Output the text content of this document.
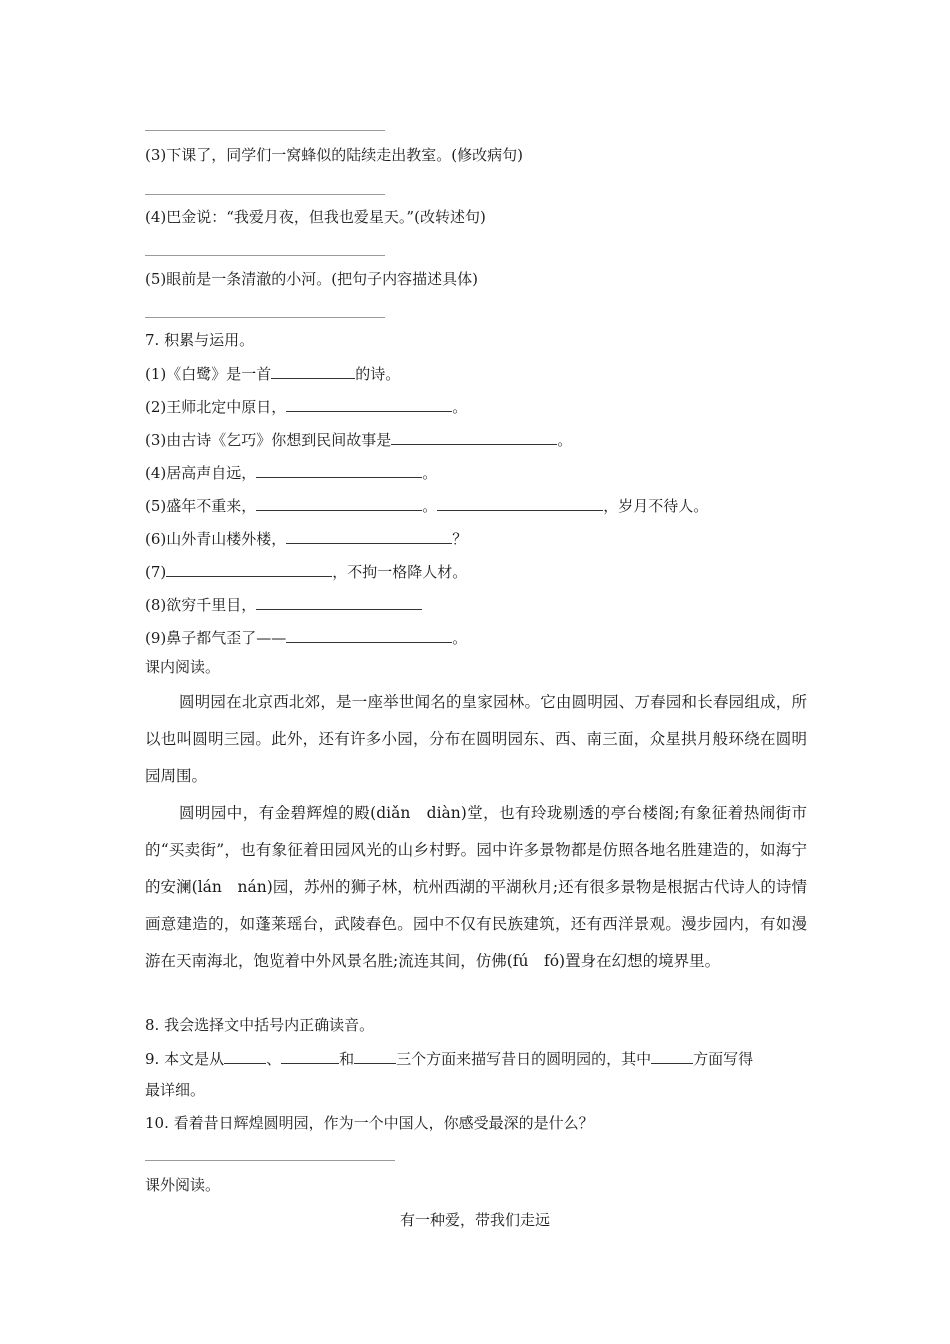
(3)下课了，同学们一窝蜂似的陆续走出教室。(修改病句)
(4)巴金说：“我爱月夜，但我也爱星天。”(改转述句)
(5)眼前是一条清澈的小河。(把句子内容描述具体)
7. 积累与运用。
(1)《白鹭》是一首	的诗。
(2)王师北定中原日，	。
(3)由古诗《乞巧》你想到民间故事是	。
(4)居高声自远，	。
(5)盛年不重来，	。	，岁月不待人。
(6)山外青山楼外楼，	？
(7)	，不拘一格降人材。
(8)欲穷千里目，
(9)鼻子都气歪了——	。
课内阅读。

圆明园在北京西北郊，是一座举世闻名的皇家园林。它由圆明园、万春园和长春园组成，所以也叫圆明三园。此外，还有许多小园，分布在圆明园东、西、南三面，众星拱月般环绕在圆明园周围。

圆明园中，有金碧辉煌的殿(diǎn　diàn)堂，也有玲珑剔透的亭台楼阁;有象征着热闹街市的“买卖街”，也有象征着田园风光的山乡村野。园中许多景物都是仿照各地名胜建造的，如海宁的安澜(lán　nán)园，苏州的狮子林，杭州西湖的平湖秋月;还有很多景物是根据古代诗人的诗情画意建造的，如蓬莱瑶台，武陵春色。园中不仅有民族建筑，还有西洋景观。漫步园内，有如漫游在天南海北，饱览着中外风景名胜;流连其间，仿佛(fú　fó)置身在幻想的境界里。

8. 我会选择文中括号内正确读音。
9. 本文是从	、	和	三个方面来描写昔日的圆明园的，其中	方面写得
最详细。
10. 看着昔日辉煌圆明园，作为一个中国人，你感受最深的是什么？
课外阅读。
有一种爱，带我们走远
